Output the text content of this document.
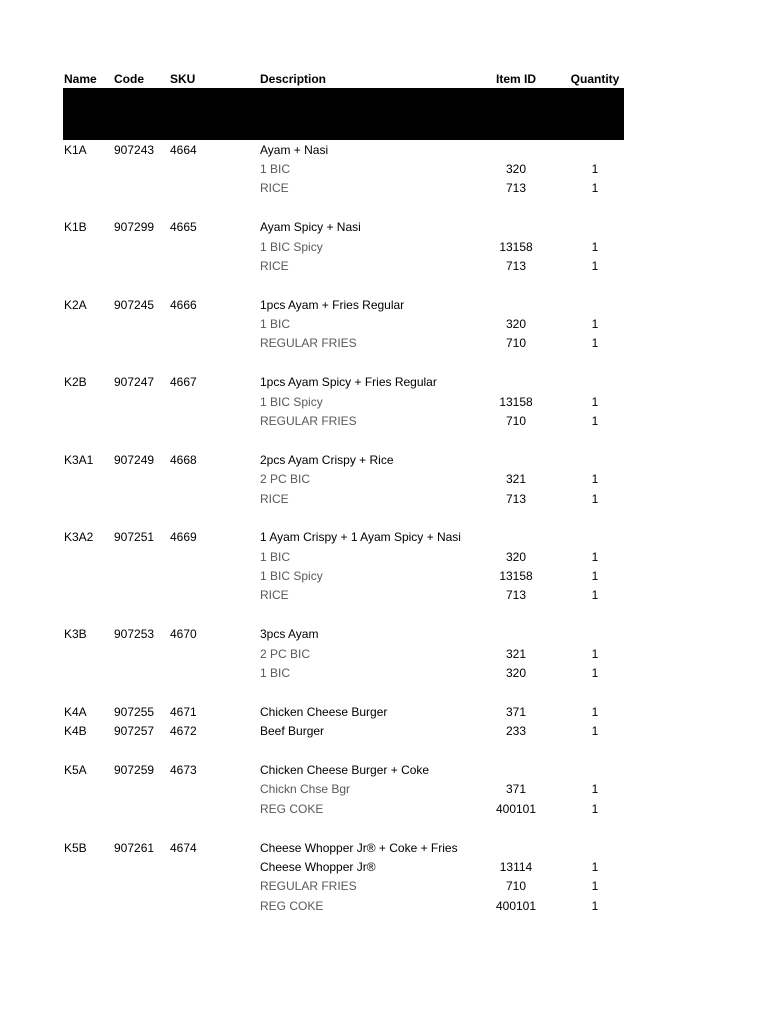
Name Code SKU	Description	Item ID	Quantity
K1A 907243 4664	Ayam + Nasi
1 BIC	320	1
RICE	713	1
K1B 907299 4665	Ayam Spicy + Nasi
1 BIC Spicy	13158	1
RICE	713	1
K2A 907245 4666	1pcs Ayam + Fries Regular
1 BIC	320	1
REGULAR FRIES	710	1
K2B 907247 4667	1pcs Ayam Spicy + Fries Regular
1 BIC Spicy	13158	1
REGULAR FRIES	710	1
K3A1 907249 4668	2pcs Ayam Crispy + Rice
2 PC BIC	321	1
RICE	713	1
K3A2 907251 4669	1 Ayam Crispy + 1 Ayam Spicy + Nasi
1 BIC	320	1
1 BIC Spicy	13158	1
RICE	713	1
K3B 907253 4670	3pcs Ayam
2 PC BIC	321	1
1 BIC	320	1
K4A 907255 4671	Chicken Cheese Burger	371	1
K4B 907257 4672	Beef Burger	233	1
K5A 907259 4673	Chicken Cheese Burger + Coke
Chickn Chse Bgr	371	1
REG COKE	400101	1
K5B 907261 4674	Cheese Whopper Jr® + Coke + Fries
Cheese Whopper Jr®	13114	1
REGULAR FRIES	710	1
REG COKE	400101	1
